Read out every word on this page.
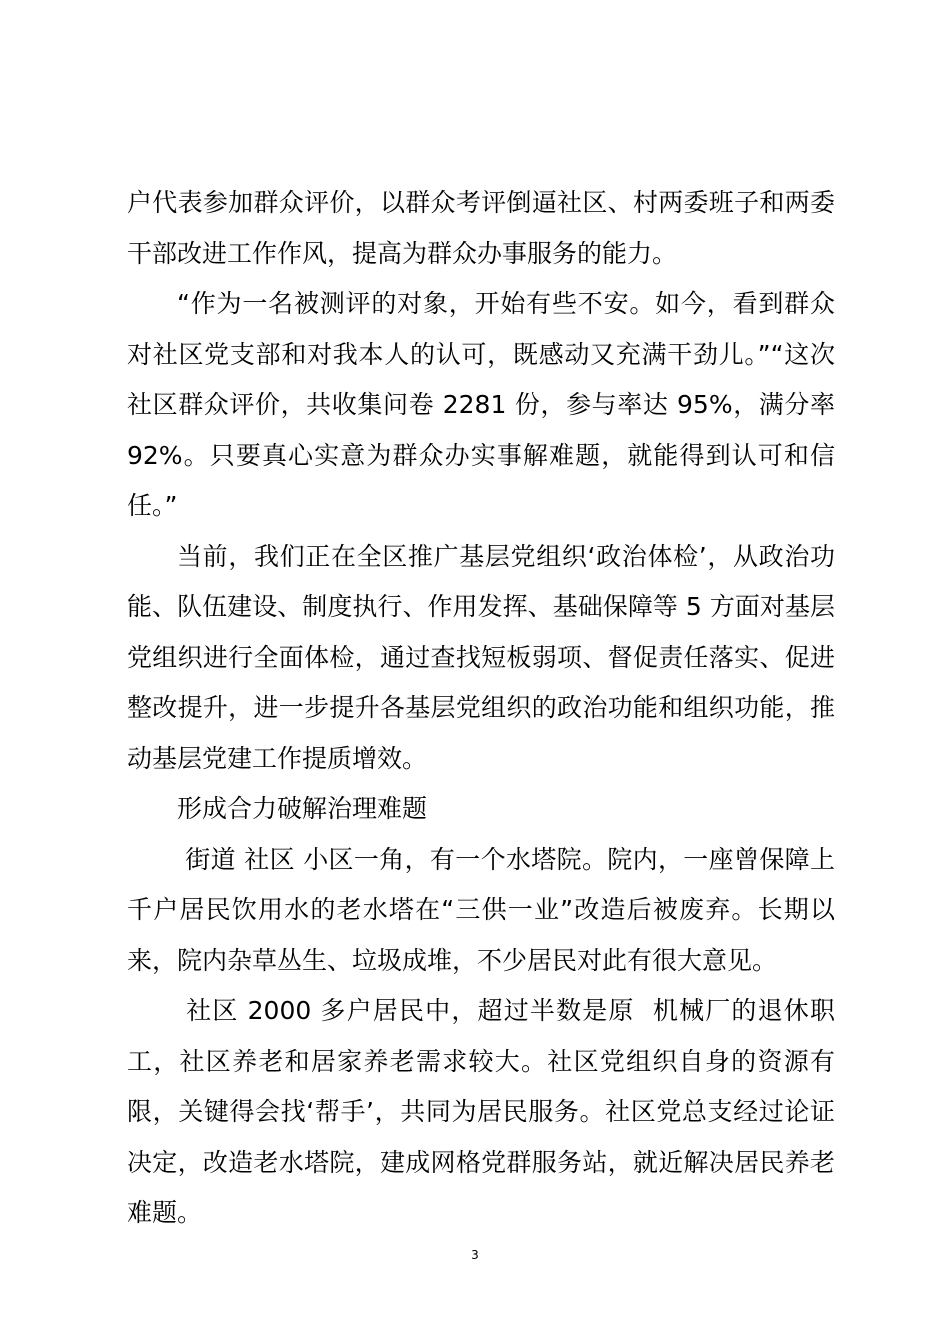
户代表参加群众评价，以群众考评倒逼社区、村两委班子和两委干部改进工作作风，提高为群众办事服务的能力。

“作为一名被测评的对象，开始有些不安。如今，看到群众对社区党支部和对我本人的认可，既感动又充满干劲儿。”“这次社区群众评价，共收集问卷 2281 份，参与率达 95%，满分率 92%。只要真心实意为群众办实事解难题，就能得到认可和信任。”

当前，我们正在全区推广基层党组织‘政治体检’，从政治功能、队伍建设、制度执行、作用发挥、基础保障等 5 方面对基层党组织进行全面体检，通过查找短板弱项、督促责任落实、促进整改提升，进一步提升各基层党组织的政治功能和组织功能，推动基层党建工作提质增效。

形成合力破解治理难题

街道 社区 小区一角，有一个水塔院。院内，一座曾保障上千户居民饮用水的老水塔在“三供一业”改造后被废弃。长期以来，院内杂草丛生、垃圾成堆，不少居民对此有很大意见。

社区 2000 多户居民中，超过半数是原  机械厂的退休职工，社区养老和居家养老需求较大。社区党组织自身的资源有限，关键得会找‘帮手’，共同为居民服务。社区党总支经过论证决定，改造老水塔院，建成网格党群服务站，就近解决居民养老难题。

3
